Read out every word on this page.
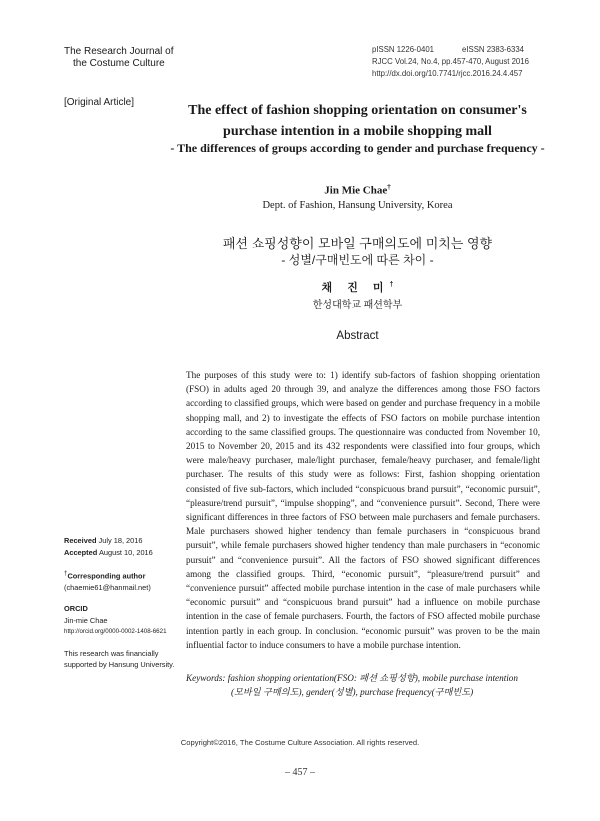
The Research Journal of
the Costume Culture
pISSN 1226-0401	eISSN 2383-6334
RJCC Vol.24, No.4, pp.457-470, August 2016
http://dx.doi.org/10.7741/rjcc.2016.24.4.457
[Original Article]
The effect of fashion shopping orientation on consumer's purchase intention in a mobile shopping mall
- The differences of groups according to gender and purchase frequency -
Jin Mie Chae†
Dept. of Fashion, Hansung University, Korea
패션 쇼핑성향이 모바일 구매의도에 미치는 영향
- 성별/구매빈도에 따른 차이 -
채 진 미†
한성대학교 패션학부
Abstract
The purposes of this study were to: 1) identify sub-factors of fashion shopping orientation (FSO) in adults aged 20 through 39, and analyze the differences among those FSO factors according to classified groups, which were based on gender and purchase frequency in a mobile shopping mall, and 2) to investigate the effects of FSO factors on mobile purchase intention according to the same classified groups. The questionnaire was conducted from November 10, 2015 to November 20, 2015 and its 432 respondents were classified into four groups, which were male/heavy purchaser, male/light purchaser, female/heavy purchaser, and female/light purchaser. The results of this study were as follows: First, fashion shopping orientation consisted of five sub-factors, which included “conspicuous brand pursuit”, “economic pursuit”, “pleasure/trend pursuit”, “impulse shopping”, and “convenience pursuit”. Second, There were significant differences in three factors of FSO between male purchasers and female purchasers. Male purchasers showed higher tendency than female purchasers in “conspicuous brand pursuit”, while female purchasers showed higher tendency than male purchasers in “economic pursuit” and “convenience pursuit”. All the factors of FSO showed significant differences among the classified groups. Third, “economic pursuit”, “pleasure/trend pursuit” and “convenience pursuit” affected mobile purchase intention in the case of male purchasers while “economic pursuit” and “conspicuous brand pursuit” had a influence on mobile purchase intention in the case of female purchasers. Fourth, the factors of FSO affected mobile purchase intention partly in each group. In conclusion. “economic pursuit” was proven to be the main influential factor to induce consumers to have a mobile purchase intention.
Keywords: fashion shopping orientation(FSO: 패션 쇼핑성향), mobile purchase intention
(모바일 구매의도), gender(성별), purchase frequency(구매빈도)
Received July 18, 2016
Accepted August 10, 2016
†Corresponding author
(chaemie61@hanmail.net)
ORCID
Jin-mie Chae
http://orcid.org/0000-0002-1408-6621
This research was financially supported by Hansung University.
Copyright©2016, The Costume Culture Association. All rights reserved.
– 457 –
